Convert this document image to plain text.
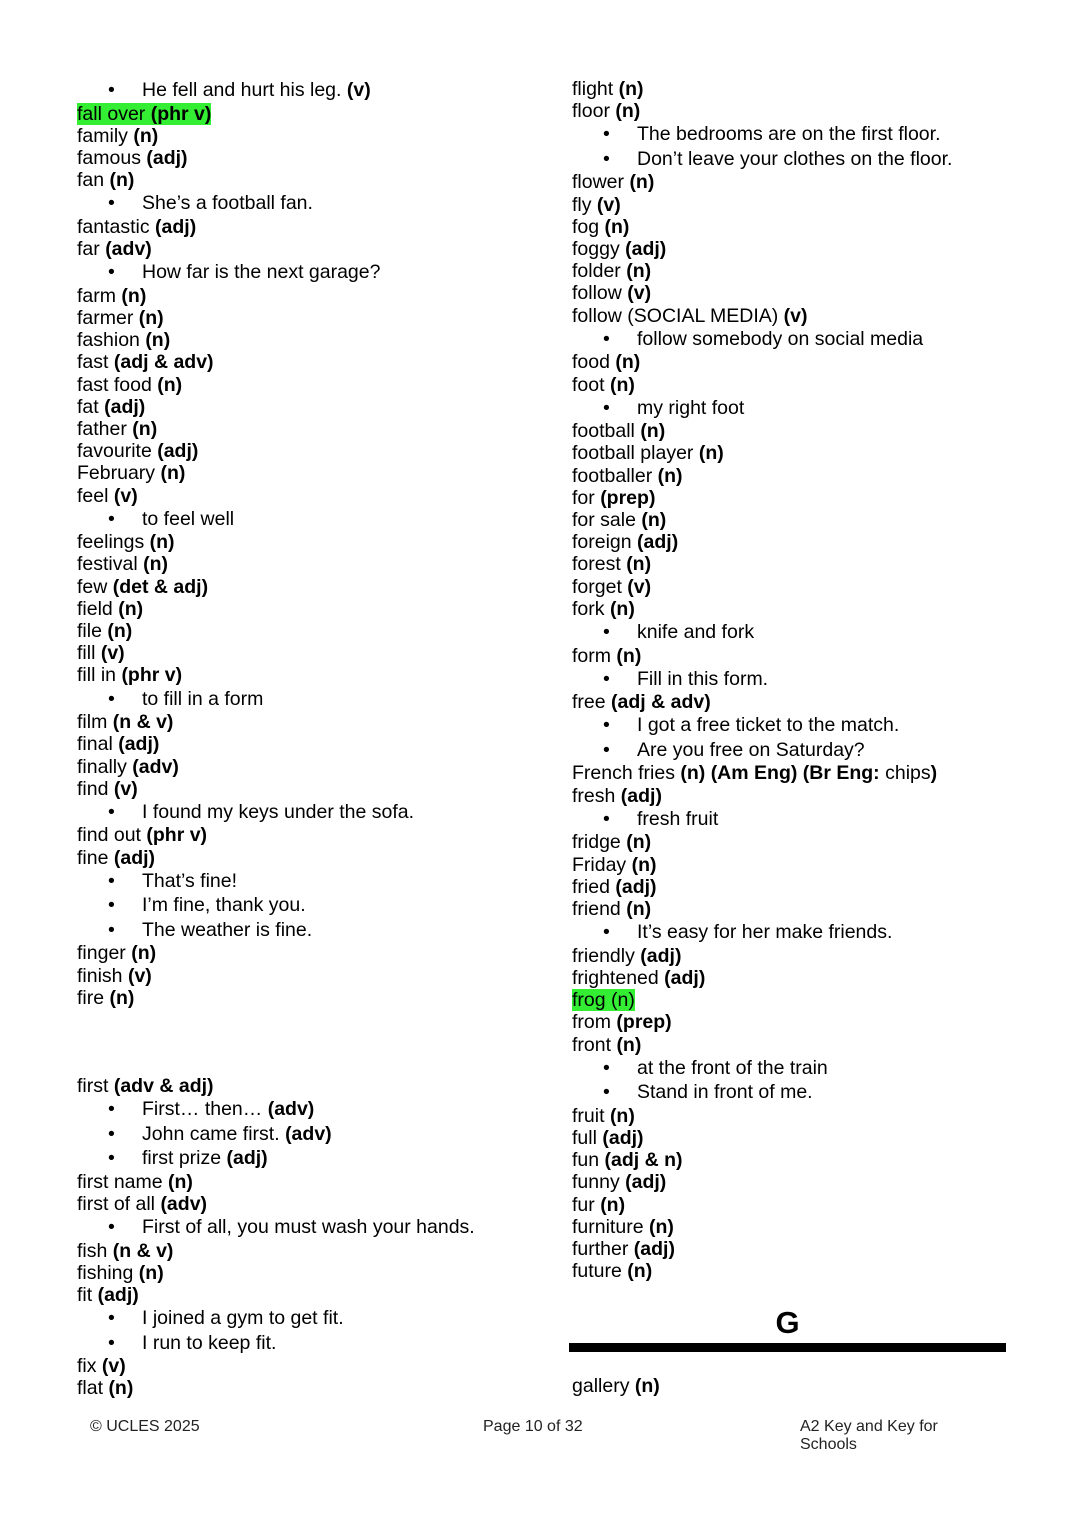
• He fell and hurt his leg. (v)
fall over (phr v)
family (n)
famous (adj)
fan (n)
• She’s a football fan.
fantastic (adj)
far (adv)
• How far is the next garage?
farm (n)
farmer (n)
fashion (n)
fast (adj & adv)
fast food (n)
fat (adj)
father (n)
favourite (adj)
February (n)
feel (v)
• to feel well
feelings (n)
festival (n)
few (det & adj)
field (n)
file (n)
fill (v)
fill in (phr v)
• to fill in a form
film (n & v)
final (adj)
finally (adv)
find (v)
• I found my keys under the sofa.
find out (phr v)
fine (adj)
• That’s fine!
• I’m fine, thank you.
• The weather is fine.
finger (n)
finish (v)
fire (n)
first (adv & adj)
• First… then… (adv)
• John came first. (adv)
• first prize (adj)
first name (n)
first of all (adv)
• First of all, you must wash your hands.
fish (n & v)
fishing (n)
fit (adj)
• I joined a gym to get fit.
• I run to keep fit.
fix (v)
flat (n)
flight (n)
floor (n)
• The bedrooms are on the first floor.
• Don’t leave your clothes on the floor.
flower (n)
fly (v)
fog (n)
foggy (adj)
folder (n)
follow (v)
follow (SOCIAL MEDIA) (v)
• follow somebody on social media
food (n)
foot (n)
• my right foot
football (n)
football player (n)
footballer (n)
for (prep)
for sale (n)
foreign (adj)
forest (n)
forget (v)
fork (n)
• knife and fork
form (n)
• Fill in this form.
free (adj & adv)
• I got a free ticket to the match.
• Are you free on Saturday?
French fries (n) (Am Eng) (Br Eng: chips)
fresh (adj)
• fresh fruit
fridge (n)
Friday (n)
fried (adj)
friend (n)
• It’s easy for her make friends.
friendly (adj)
frightened (adj)
frog (n)
from (prep)
front (n)
• at the front of the train
• Stand in front of me.
fruit (n)
full (adj)
fun (adj & n)
funny (adj)
fur (n)
furniture (n)
further (adj)
future (n)
G
gallery (n)
© UCLES 2025	Page 10 of 32	A2 Key and Key for Schools
